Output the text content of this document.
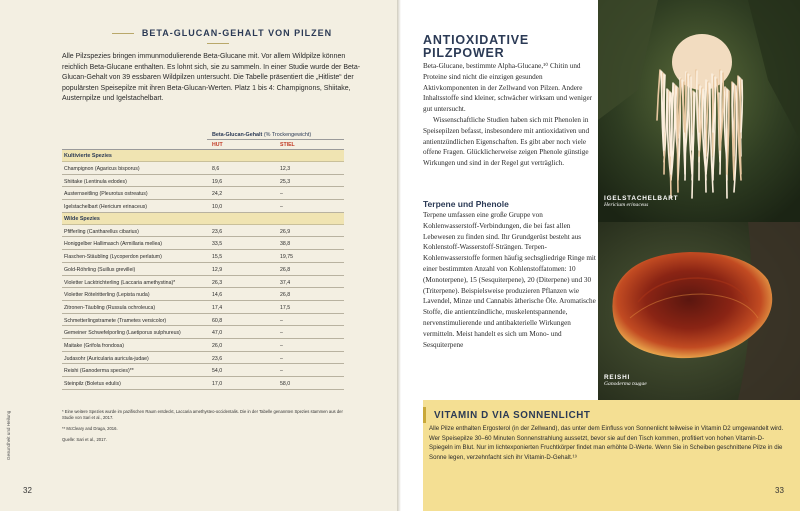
BETA-GLUCAN-GEHALT VON PILZEN
Alle Pilzspezies bringen immunmodulierende Beta-Glucane mit. Vor allem Wildpilze können reichlich Beta-Glucane enthalten. Es lohnt sich, sie zu sammeln. In einer Studie wurde der Beta-Glucan-Gehalt von 39 essbaren Wildpilzen untersucht. Die Tabelle präsentiert die „Hitliste“ der populärsten Speisepilze mit ihren Beta-Glucan-Werten. Platz 1 bis 4: Champignons, Shiitake, Austernpilze und Igelstachelbart.
Beta-Glucan-Gehalt (% Trockengewicht)
HUT	STIEL
Kultivierte Spezies
Champignon (Agaricus bisporus)	8,6	12,3
Shiitake (Lentinula edodes)	19,6	25,3
Austernseitling (Pleurotus ostreatus)	24,2	–
Igelstachelbart (Hericium erinaceus)	10,0	–
Wilde Spezies
Pfifferling (Cantharellus cibarius)	23,6	26,9
Honiggelber Hallimasch (Armillaria mellea)	33,5	38,8
Flaschen-Stäubling (Lycoperdon perlatum)	15,5	19,75
Gold-Röhrling (Suillus grevillei)	12,9	26,8
Violetter Lacktrichterling (Laccaria amethystina)*	26,3	37,4
Violetter Rötelritterling (Lepista nuda)	14,6	26,8
Zitronen-Täubling (Russula ochroleuca)	17,4	17,5
Schmetterlingstramete (Trametes versicolor)	60,8	–
Gemeiner Schwefelporling (Laetiporus sulphureus)	47,0	–
Maitake (Grifola frondosa)	26,0	–
Judasohr (Auricularia auricula-judae)	23,6	–
Reishi (Ganoderma species)**	54,0	–
Steinpilz (Boletus edulis)	17,0	58,0

* Eine weitere Spezies wurde im pazifischen Raum entdeckt, Laccaria amethysteo-occidentalis. Die in der Tabelle genannten Spezies stammen aus der Studie von Sari et al., 2017.

** McCleary and Draga, 2016.

Quelle: Sari et al., 2017.

Gesundheit und Heilung
32
ANTIOXIDATIVE PILZPOWER

Beta-Glucane, bestimmte Alpha-Glucane,¹⁰ Chitin und Proteine sind nicht die einzigen gesunden Aktivkomponenten in der Zellwand von Pilzen. Andere Inhaltsstoffe sind kleiner, schwächer wirksam und weniger gut untersucht.

Wissenschaftliche Studien haben sich mit Phenolen in Speisepilzen befasst, insbesondere mit antioxidativen und antientzündlichen Eigenschaften. Es gibt aber noch viele offene Fragen. Glücklicherweise zeigen Phenole günstige Wirkungen und sind in der Regel gut verträglich.

Terpene und Phenole
Terpene umfassen eine große Gruppe von Kohlenwasserstoff-Verbindungen, die bei fast allen Lebewesen zu finden sind. Ihr Grundgerüst besteht aus Kohlenstoff-Wasserstoff-Strängen. Terpen-Kohlenwasserstoffe formen häufig sechsgliedrige Ringe mit einer bestimmten Anzahl von Kohlenstoffatomen: 10 (Monoterpene), 15 (Sesquiterpene), 20 (Diterpene) und 30 (Triterpene). Beispielsweise produzieren Pflanzen wie Lavendel, Minze und Cannabis ätherische Öle. Aromatische Stoffe, die antientzündliche, muskelentspannende, nervenstimulierende und antibakterielle Wirkungen vermitteln. Meist handelt es sich um Mono- und Sesquiterpene
IGELSTACHELBART
Hericium erinaceus
REISHI
Ganoderma tsugae
VITAMIN D VIA SONNENLICHT
Alle Pilze enthalten Ergosterol (in der Zellwand), das unter dem Einfluss von Sonnenlicht teilweise in Vitamin D2 umgewandelt wird. Wer Speisepilze 30–60 Minuten Sonnenstrahlung aussetzt, bevor sie auf den Tisch kommen, profitiert von hohen Vitamin-D-Spiegeln im Blut. Nur im lichtexponierten Fruchtkörper findet man erhöhte D-Werte. Wenn Sie in Scheiben geschnittene Pilze in die Sonne legen, verzehnfacht sich ihr Vitamin-D-Gehalt.¹⁹
33
